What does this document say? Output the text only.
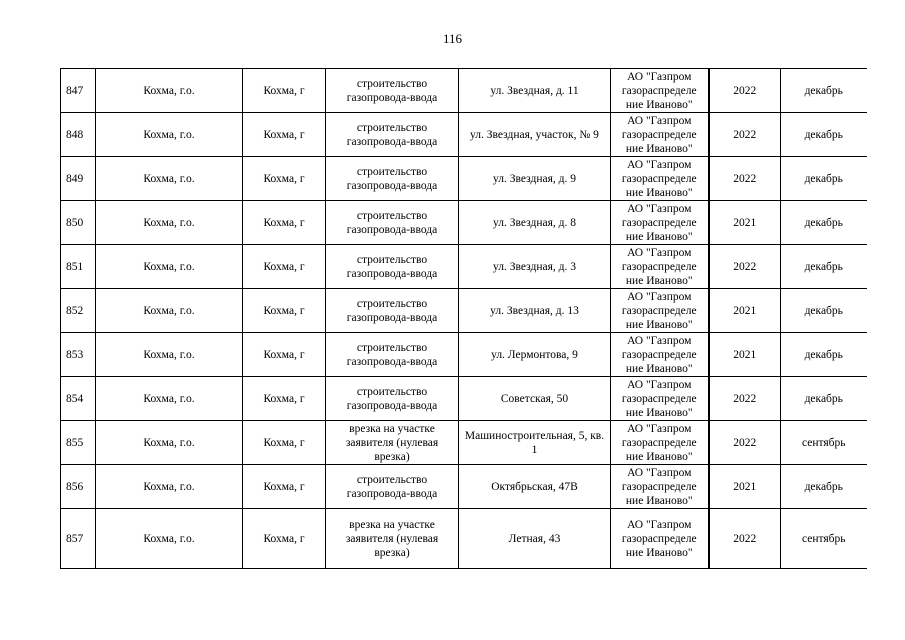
116
847	Кохма, г.о.	Кохма, г	строительство газопровода-ввода	ул. Звездная, д. 11	АО "Газпром газораспределе ние Иваново"	2022	декабрь
848	Кохма, г.о.	Кохма, г	строительство газопровода-ввода	ул. Звездная, участок, № 9	АО "Газпром газораспределе ние Иваново"	2022	декабрь
849	Кохма, г.о.	Кохма, г	строительство газопровода-ввода	ул. Звездная, д. 9	АО "Газпром газораспределе ние Иваново"	2022	декабрь
850	Кохма, г.о.	Кохма, г	строительство газопровода-ввода	ул. Звездная, д. 8	АО "Газпром газораспределе ние Иваново"	2021	декабрь
851	Кохма, г.о.	Кохма, г	строительство газопровода-ввода	ул. Звездная, д. 3	АО "Газпром газораспределе ние Иваново"	2022	декабрь
852	Кохма, г.о.	Кохма, г	строительство газопровода-ввода	ул. Звездная, д. 13	АО "Газпром газораспределе ние Иваново"	2021	декабрь
853	Кохма, г.о.	Кохма, г	строительство газопровода-ввода	ул. Лермонтова, 9	АО "Газпром газораспределе ние Иваново"	2021	декабрь
854	Кохма, г.о.	Кохма, г	строительство газопровода-ввода	Советская, 50	АО "Газпром газораспределе ние Иваново"	2022	декабрь
855	Кохма, г.о.	Кохма, г	врезка на участке заявителя (нулевая врезка)	Машиностроительная, 5, кв. 1	АО "Газпром газораспределе ние Иваново"	2022	сентябрь
856	Кохма, г.о.	Кохма, г	строительство газопровода-ввода	Октябрьская, 47В	АО "Газпром газораспределе ние Иваново"	2021	декабрь
857	Кохма, г.о.	Кохма, г	врезка на участке заявителя (нулевая врезка)	Летная, 43	АО "Газпром газораспределе ние Иваново"	2022	сентябрь
